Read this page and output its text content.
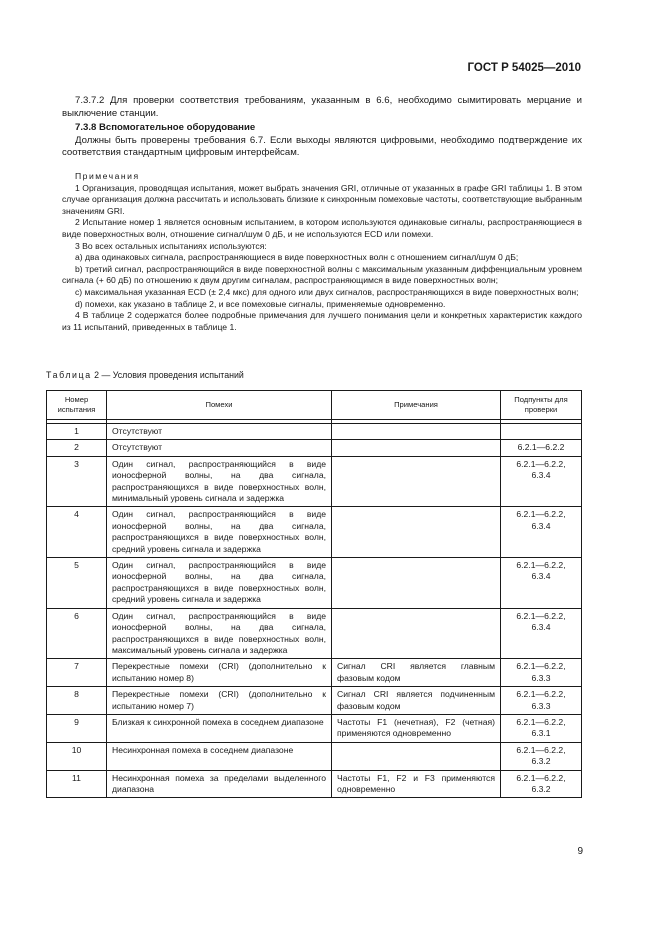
ГОСТ Р 54025—2010

7.3.7.2 Для проверки соответствия требованиям, указанным в 6.6, необходимо сымитировать мерцание и выключение станции.

7.3.8 Вспомогательное оборудование

Должны быть проверены требования 6.7. Если выходы являются цифровыми, необходимо подтверждение их соответствия стандартным цифровым интерфейсам.

Примечания

1 Организация, проводящая испытания, может выбрать значения GRI, отличные от указанных в графе GRI таблицы 1. В этом случае организация должна рассчитать и использовать близкие к синхронным помеховые частоты, соответствующие выбранным значениям GRI.

2 Испытание номер 1 является основным испытанием, в котором используются одинаковые сигналы, распространяющиеся в виде поверхностных волн, отношение сигнал/шум 0 дБ, и не используются ECD или помехи.

3 Во всех остальных испытаниях используются:

а) два одинаковых сигнала, распространяющиеся в виде поверхностных волн с отношением сигнал/шум 0 дБ;

b) третий сигнал, распространяющийся в виде поверхностной волны с максимальным указанным диффенциальным уровнем сигнала (+ 60 дБ) по отношению к двум другим сигналам, распространяющимся в виде поверхностных волн;

с) максимальная указанная ECD (± 2,4 мкс) для одного или двух сигналов, распространяющихся в виде поверхностных волн;

d) помехи, как указано в таблице 2, и все помеховые сигналы, применяемые одновременно.

4 В таблице 2 содержатся более подробные примечания для лучшего понимания цели и конкретных характеристик каждого из 11 испытаний, приведенных в таблице 1.

Таблица 2 — Условия проведения испытаний
Номер испытания	Помехи	Примечания	Подпункты для проверки

1	Отсутствуют		
2	Отсутствуют		6.2.1—6.2.2
3	Один сигнал, распространяющийся в виде ионосферной волны, на два сигнала, распространяющихся в виде поверхностных волн, минимальный уровень сигнала и задержка		6.2.1—6.2.2, 6.3.4
4	Один сигнал, распространяющийся в виде ионосферной волны, на два сигнала, распространяющихся в виде поверхностных волн, средний уровень сигнала и задержка		6.2.1—6.2.2, 6.3.4
5	Один сигнал, распространяющийся в виде ионосферной волны, на два сигнала, распространяющихся в виде поверхностных волн, средний уровень сигнала и задержка		6.2.1—6.2.2, 6.3.4
6	Один сигнал, распространяющийся в виде ионосферной волны, на два сигнала, распространяющихся в виде поверхностных волн, максимальный уровень сигнала и задержка		6.2.1—6.2.2, 6.3.4
7	Перекрестные помехи (CRI) (дополнительно к испытанию номер 8)	Сигнал CRI является главным фазовым кодом	6.2.1—6.2.2, 6.3.3
8	Перекрестные помехи (CRI) (дополнительно к испытанию номер 7)	Сигнал CRI является подчиненным фазовым кодом	6.2.1—6.2.2, 6.3.3
9	Близкая к синхронной помеха в соседнем диапазоне	Частоты F1 (нечетная), F2 (четная) применяются одновременно	6.2.1—6.2.2, 6.3.1
10	Несинхронная помеха в соседнем диапазоне		6.2.1—6.2.2, 6.3.2
11	Несинхронная помеха за пределами выделенного диапазона	Частоты F1, F2 и F3 применяются одновременно	6.2.1—6.2.2, 6.3.2
9
